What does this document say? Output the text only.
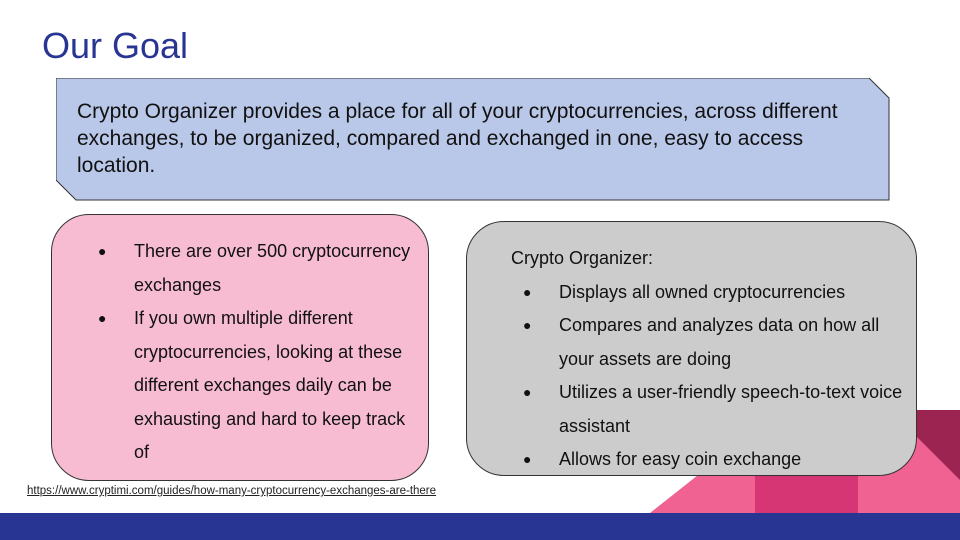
Our Goal

Crypto Organizer provides a place for all of your cryptocurrencies, across different exchanges, to be organized, compared and exchanged in one, easy to access location.

● There are over 500 cryptocurrency exchanges
● If you own multiple different cryptocurrencies, looking at these different exchanges daily can be exhausting and hard to keep track of

Crypto Organizer:

● Displays all owned cryptocurrencies
● Compares and analyzes data on how all your assets are doing
● Utilizes a user-friendly speech-to-text voice assistant
● Allows for easy coin exchange
https://www.cryptimi.com/guides/how-many-cryptocurrency-exchanges-are-there
